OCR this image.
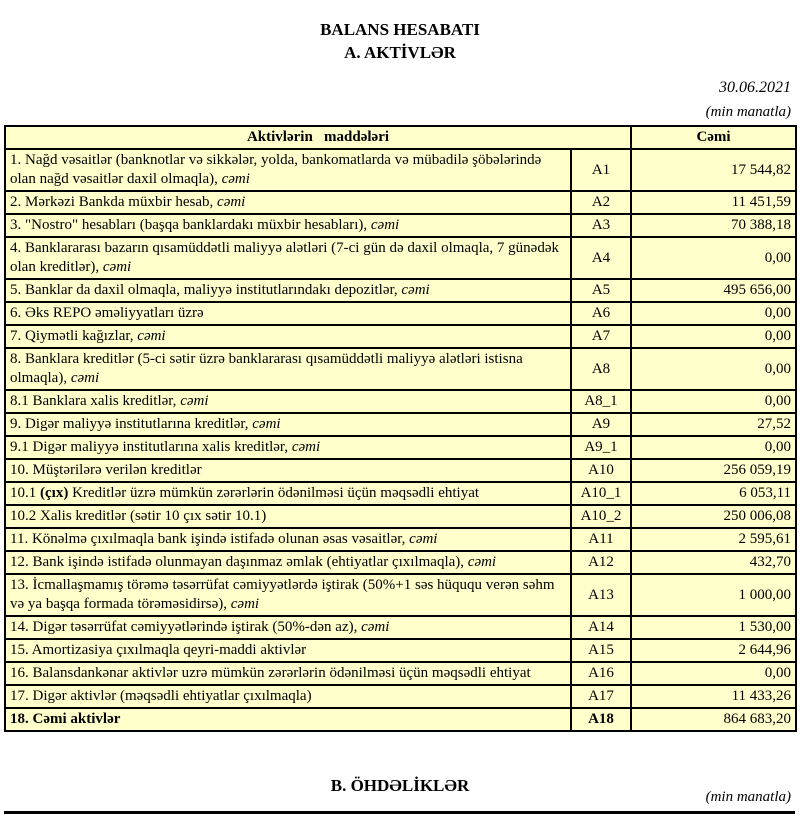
BALANS HESABATI
A. AKTİVLƏR
30.06.2021
(min manatla)
Aktivlərin   maddələri		Cəmi
1. Nağd vəsaitlər (banknotlar və sikkələr, yolda, bankomatlarda və mübadilə şöbələrində olan nağd vəsaitlər daxil olmaqla), cəmi	A1	17 544,82
2. Mərkəzi Bankda müxbir hesab, cəmi	A2	11 451,59
3. "Nostro" hesabları (başqa banklardakı müxbir hesabları), cəmi	A3	70 388,18
4. Banklararası bazarın qısamüddətli maliyyə alətləri (7-ci gün də daxil olmaqla, 7 günədək olan kreditlər), cəmi	A4	0,00
5. Banklar da daxil olmaqla, maliyyə institutlarındakı depozitlər, cəmi	A5	495 656,00
6. Əks REPO əməliyyatları üzrə	A6	0,00
7. Qiymətli kağızlar, cəmi	A7	0,00
8. Banklara kreditlər (5-ci sətir üzrə banklararası qısamüddətli maliyyə alətləri istisna olmaqla), cəmi	A8	0,00
8.1 Banklara xalis kreditlər, cəmi	A8_1	0,00
9. Digər maliyyə institutlarına kreditlər, cəmi	A9	27,52
9.1 Digər maliyyə institutlarına xalis kreditlər, cəmi	A9_1	0,00
10. Müştərilərə verilən kreditlər	A10	256 059,19
10.1 (çıx) Kreditlər üzrə mümkün zərərlərin ödənilməsi üçün məqsədli ehtiyat	A10_1	6 053,11
10.2 Xalis kreditlər (sətir 10 çıx sətir 10.1)	A10_2	250 006,08
11. Könəlmə çıxılmaqla bank işində istifadə olunan əsas vəsaitlər, cəmi	A11	2 595,61
12. Bank işində istifadə olunmayan daşınmaz əmlak (ehtiyatlar çıxılmaqla), cəmi	A12	432,70
13. İcmallaşmamış törəmə təsərrüfat cəmiyyətlərdə iştirak (50%+1 səs hüququ verən səhm və ya başqa formada törəməsidirsə), cəmi	A13	1 000,00
14. Digər təsərrüfat cəmiyyətlərində iştirak (50%-dən az), cəmi	A14	1 530,00
15. Amortizasiya çıxılmaqla qeyri-maddi aktivlər	A15	2 644,96
16. Balansdankənar aktivlər uzrə mümkün zərərlərin ödənilməsi üçün məqsədli ehtiyat	A16	0,00
17. Digər aktivlər (məqsədli ehtiyatlar çıxılmaqla)	A17	11 433,26
18. Cəmi aktivlər	A18	864 683,20
B. ÖHDƏLİKLƏR
(min manatla)
